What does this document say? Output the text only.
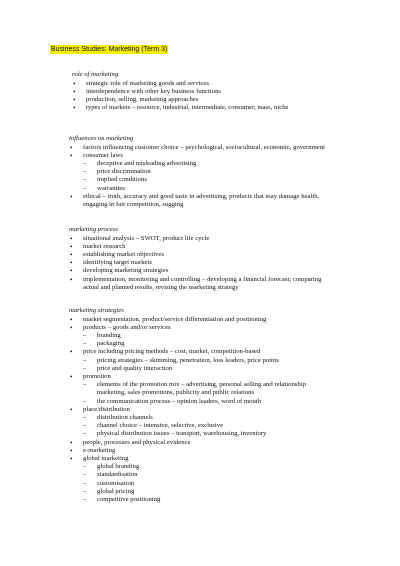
Business Studies: Marketing (Term 3)
role of marketing
• strategic role of marketing goods and services
• interdependence with other key business functions
• production, selling, marketing approaches
• types of markets – resource, industrial, intermediate, consumer, mass, niche
influences on marketing
• factors influencing customer choice – psychological, sociocultural, economic, government
• consumer laws
– deceptive and misleading advertising
– price discrimination
– implied conditions
– warranties
• ethical – truth, accuracy and good taste in advertising, products that may damage health,
engaging in fair competition, sugging
marketing process
• situational analysis – SWOT, product life cycle
• market research
• establishing market objectives
• identifying target markets
• developing marketing strategies
• implementation, monitoring and controlling – developing a financial forecast; comparing
actual and planned results, revising the marketing strategy
marketing strategies
• market segmentation, product/service differentiation and positioning
• products – goods and/or services
– branding
– packaging
• price including pricing methods – cost, market, competition-based
– pricing strategies – skimming, penetration, loss leaders, price points
– price and quality interaction
• promotion
– elements of the promotion mix – advertising, personal selling and relationship
marketing, sales promotions, publicity and public relations
– the communication process – opinion leaders, word of mouth
• place/distribution
– distribution channels
– channel choice – intensive, selective, exclusive
– physical distribution issues – transport, warehousing, inventory
• people, processes and physical evidence
• e-marketing
• global marketing
– global branding
– standardisation
– customisation
– global pricing
– competitive positioning
